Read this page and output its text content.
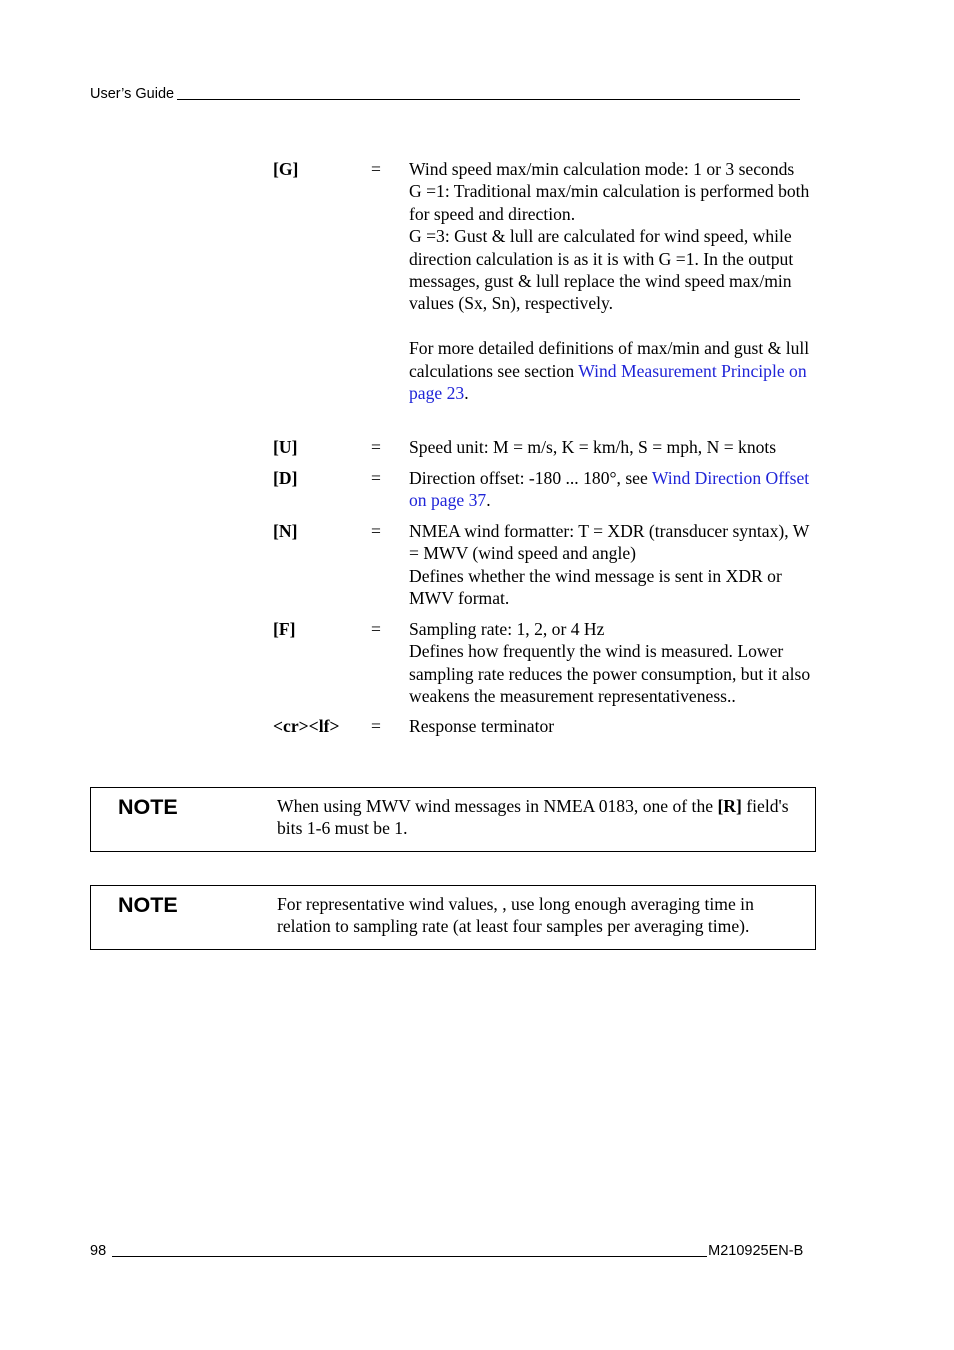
User’s Guide
[G]	= Wind speed max/min calculation mode: 1 or 3 seconds

G =1: Traditional max/min calculation is performed both for speed and direction.

G =3: Gust & lull are calculated for wind speed, while direction calculation is as it is with G =1. In the output messages, gust & lull replace the wind speed max/min values (Sx, Sn), respectively.

For more detailed definitions of max/min and gust & lull calculations see section Wind Measurement Principle on page 23.

[U]	= Speed unit: M = m/s, K = km/h, S = mph, N = knots
[D]	= Direction offset: -180 ... 180°, see Wind Direction Offset on page 37.
[N]	= NMEA wind formatter: T = XDR (transducer syntax), W = MWV (wind speed and angle)

Defines whether the wind message is sent in XDR or MWV format.

[F]	= Sampling rate: 1, 2, or 4 Hz

Defines how frequently the wind is measured. Lower sampling rate reduces the power consumption, but it also weakens the measurement representativeness..

<cr><lf> = Response terminator
NOTE	When using MWV wind messages in NMEA 0183, one of the [R] field's bits 1-6 must be 1.
NOTE	For representative wind values, , use long enough averaging time in relation to sampling rate (at least four samples per averaging time).
98	M210925EN-B
